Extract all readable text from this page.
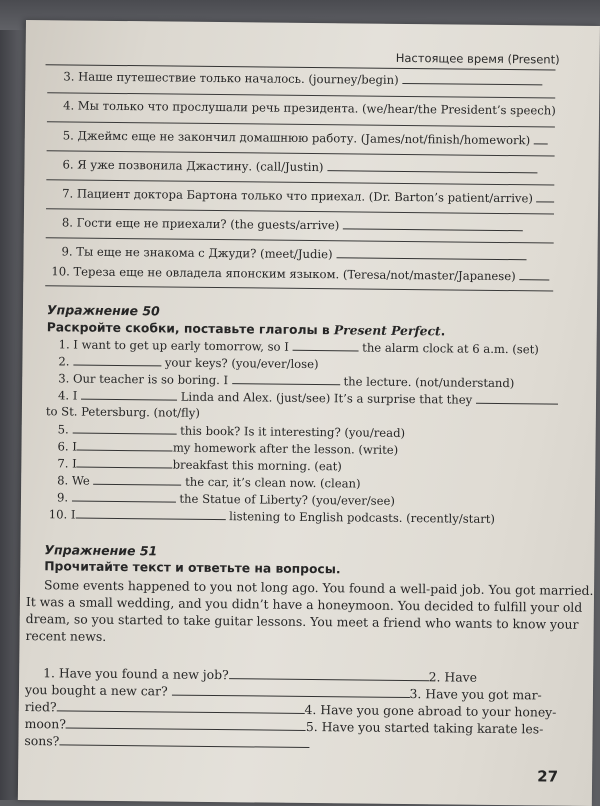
Настоящее время (Present)
3. Наше путешествие только началось. (journey/begin)
4. Мы только что прослушали речь президента. (we/hear/the President’s speech)
5. Джеймс еще не закончил домашнюю работу. (James/not/finish/homework)
6. Я уже позвонила Джастину. (call/Justin)
7. Пациент доктора Бартона только что приехал. (Dr. Barton’s patient/arrive)
8. Гости еще не приехали? (the guests/arrive)
9. Ты еще не знакома с Джуди? (meet/Judie)
10. Тереза еще не овладела японским языком. (Teresa/not/master/Japanese)
Упражнение 50
Раскройте скобки, поставьте глаголы в Present Perfect.
1. I want to get up early tomorrow, so I	the alarm clock at 6 a.m. (set)
2.	your keys? (you/ever/lose)
3. Our teacher is so boring. I	the lecture. (not/understand)
4. I	Linda and Alex. (just/see) It’s a surprise that they
to St. Petersburg. (not/fly)
5.	this book? Is it interesting? (you/read)
6. I	my homework after the lesson. (write)
7. I	breakfast this morning. (eat)
8. We	the car, it’s clean now. (clean)
9.	the Statue of Liberty? (you/ever/see)
10. I	listening to English podcasts. (recently/start)
Упражнение 51
Прочитайте текст и ответьте на вопросы.
Some events happened to you not long ago. You found a well-paid job. You got married.
It was a small wedding, and you didn’t have a honeymoon. You decided to fulfill your old
dream, so you started to take guitar lessons. You meet a friend who wants to know your
recent news.
1. Have you found a new job?	2. Have
you bought a new car?	3. Have you got mar-
ried?	4. Have you gone abroad to your honey-
moon?	5. Have you started taking karate les-
sons?
27
